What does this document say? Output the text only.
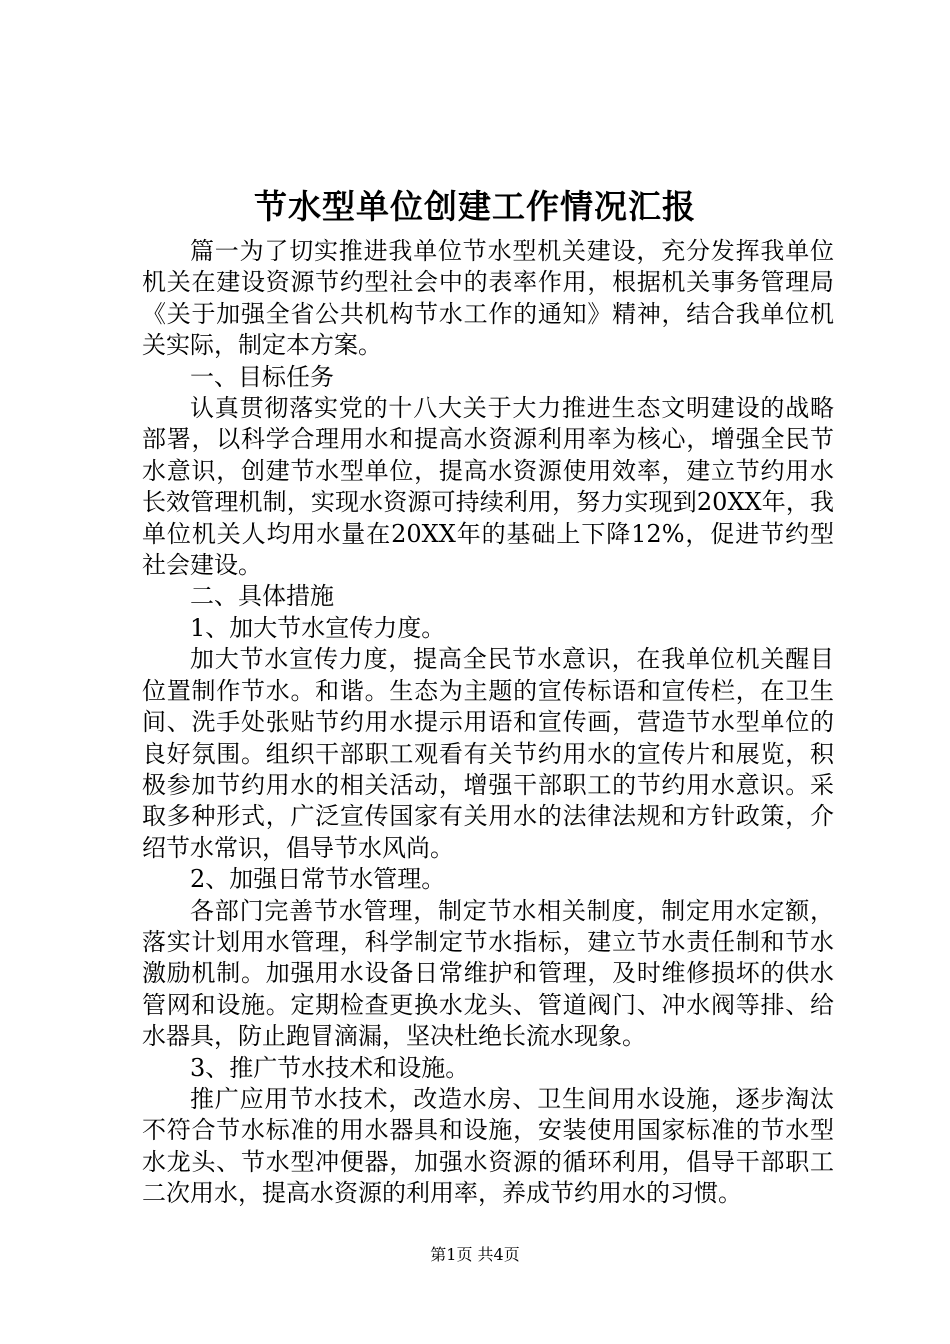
节水型单位创建工作情况汇报

篇一为了切实推进我单位节水型机关建设，充分发挥我单位机关在建设资源节约型社会中的表率作用，根据机关事务管理局《关于加强全省公共机构节水工作的通知》精神，结合我单位机关实际，制定本方案。

一、目标任务

认真贯彻落实党的十八大关于大力推进生态文明建设的战略部署，以科学合理用水和提高水资源利用率为核心，增强全民节水意识，创建节水型单位，提高水资源使用效率，建立节约用水长效管理机制，实现水资源可持续利用，努力实现到20XX年，我单位机关人均用水量在20XX年的基础上下降12%，促进节约型社会建设。

二、具体措施

1、加大节水宣传力度。

加大节水宣传力度，提高全民节水意识，在我单位机关醒目位置制作节水。和谐。生态为主题的宣传标语和宣传栏，在卫生间、洗手处张贴节约用水提示用语和宣传画，营造节水型单位的良好氛围。组织干部职工观看有关节约用水的宣传片和展览，积极参加节约用水的相关活动，增强干部职工的节约用水意识。采取多种形式，广泛宣传国家有关用水的法律法规和方针政策，介绍节水常识，倡导节水风尚。

2、加强日常节水管理。

各部门完善节水管理，制定节水相关制度，制定用水定额，落实计划用水管理，科学制定节水指标，建立节水责任制和节水激励机制。加强用水设备日常维护和管理，及时维修损坏的供水管网和设施。定期检查更换水龙头、管道阀门、冲水阀等排、给水器具，防止跑冒滴漏，坚决杜绝长流水现象。

3、推广节水技术和设施。

推广应用节水技术，改造水房、卫生间用水设施，逐步淘汰不符合节水标准的用水器具和设施，安装使用国家标准的节水型水龙头、节水型冲便器，加强水资源的循环利用，倡导干部职工二次用水，提高水资源的利用率，养成节约用水的习惯。

第1页 共4页
